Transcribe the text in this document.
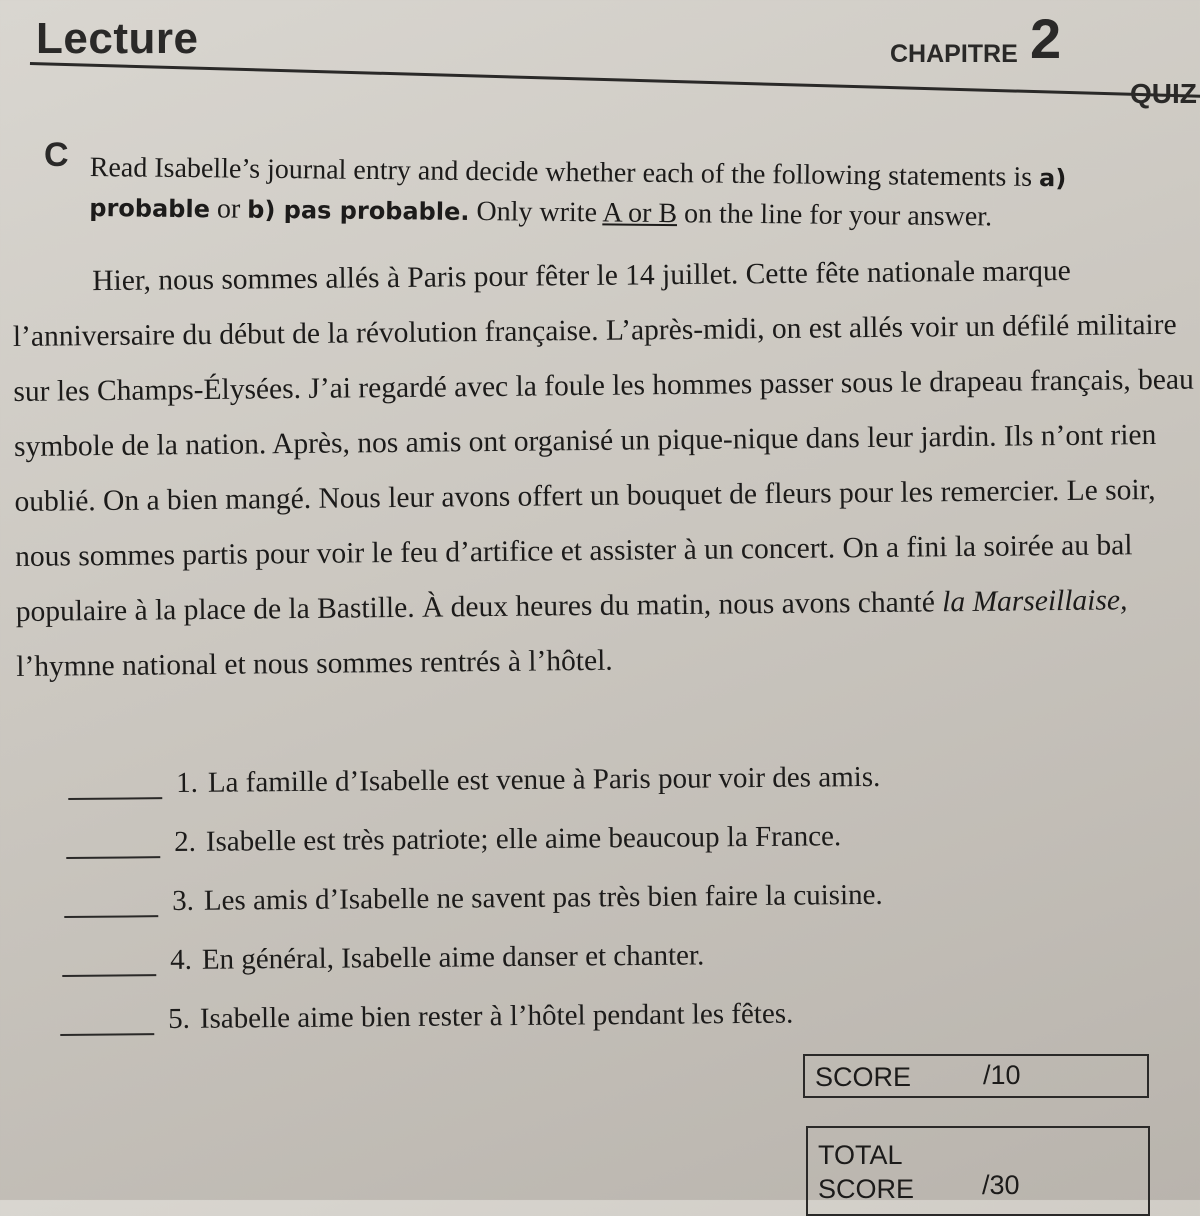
Lecture	CHAPITRE 2
QUIZ
C Read Isabelle’s journal entry and decide whether each of the following statements is a) probable or b) pas probable. Only write A or B on the line for your answer.

Hier, nous sommes allés à Paris pour fêter le 14 juillet. Cette fête nationale marque l’anniversaire du début de la révolution française. L’après-midi, on est allés voir un défilé militaire sur les Champs-Élysées. J’ai regardé avec la foule les hommes passer sous le drapeau français, beau symbole de la nation. Après, nos amis ont organisé un pique-nique dans leur jardin. Ils n’ont rien oublié. On a bien mangé. Nous leur avons offert un bouquet de fleurs pour les remercier. Le soir, nous sommes partis pour voir le feu d’artifice et assister à un concert. On a fini la soirée au bal populaire à la place de la Bastille. À deux heures du matin, nous avons chanté la Marseillaise, l’hymne national et nous sommes rentrés à l’hôtel.

1. La famille d’Isabelle est venue à Paris pour voir des amis.
2. Isabelle est très patriote; elle aime beaucoup la France.
3. Les amis d’Isabelle ne savent pas très bien faire la cuisine.
4. En général, Isabelle aime danser et chanter.
5. Isabelle aime bien rester à l’hôtel pendant les fêtes.
SCORE	/10
TOTAL
SCORE	/30
